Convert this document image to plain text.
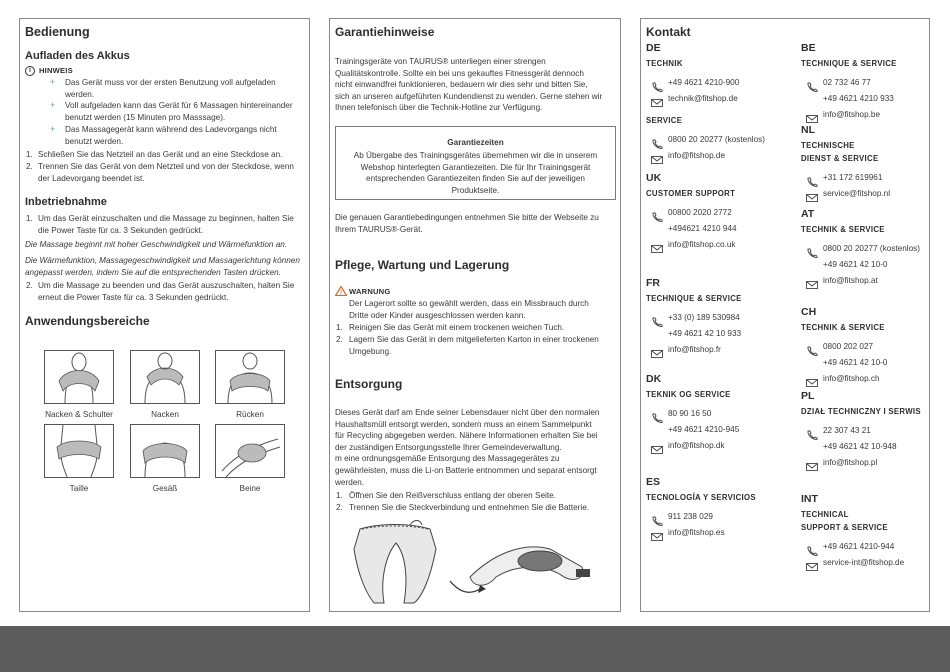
Bedienung
Aufladen des Akkus
i	HINWEIS
+ Das Gerät muss vor der ersten Benutzung voll aufgeladen
werden.
+ Voll aufgeladen kann das Gerät für 6 Massagen hintereinander
benutzt werden (15 Minuten pro Masssage).
+ Das Massagegerät kann während des Ladevorgangs nicht
benutzt werden.
1. Schließen Sie das Netzteil an das Gerät und an eine Steckdose an.
2. Trennen Sie das Gerät von dem Netzteil und von der Steckdose, wenn
der Ladevorgang beendet ist.
Inbetriebnahme
1. Um das Gerät einzuschalten und die Massage zu beginnen, halten Sie
die Power Taste für ca. 3 Sekunden gedrückt.
Die Massage beginnt mit hoher Geschwindigkeit und Wärmefunktion an.
Die Wärmefunktion, Massagegeschwindigkeit und Massagerichtung können
angepasst werden, indem Sie auf die entsprechenden Tasten drücken.
2. Um die Massage zu beenden und das Gerät auszuschalten, halten Sie
erneut die Power Taste für ca. 3 Sekunden gedrückt.
Anwendungsbereiche
Nacken & Schulter	Nacken	Rücken
Taille	Gesäß	Beine
Garantiehinweise
Trainingsgeräte von TAURUS® unterliegen einer strengen
Qualitätskontrolle. Sollte ein bei uns gekauftes Fitnessgerät dennoch
nicht einwandfrei funktionieren, bedauern wir dies sehr und bitten Sie,
sich an unseren aufgeführten Kundendienst zu wenden. Gerne stehen wir
Ihnen telefonisch über die Technik-Hotline zur Verfügung.
Garantiezeiten
Ab Übergabe des Trainingsgerätes übernehmen wir die in unserem
Webshop hinterlegten Garantiezeiten. Die für Ihr Trainingsgerät
entsprechenden Garantiezeiten finden Sie auf der jeweiligen
Produktseite.
Die genauen Garantiebedingungen entnehmen Sie bitte der Webseite zu
Ihrem TAURUS®-Gerät.
Pflege, Wartung und Lagerung
! WARNUNG
Der Lagerort sollte so gewählt werden, dass ein Missbrauch durch
Dritte oder Kinder ausgeschlossen werden kann.
1. Reinigen Sie das Gerät mit einem trockenen weichen Tuch.
2. Lagern Sie das Gerät in dem mitgelieferten Karton in einer trockenen
Umgebung.
Entsorgung
Dieses Gerät darf am Ende seiner Lebensdauer nicht über den normalen
Haushaltsmüll entsorgt werden, sondern muss an einem Sammelpunkt
für Recycling abgegeben werden. Nähere Informationen erhalten Sie bei
der zuständigen Entsorgungsstelle Ihrer Gemeindeverwaltung.
m eine ordnungsgemäße Entsorgung des Massagegerätes zu
gewährleisten, muss die Li-on Batterie entnommen und separat entsorgt
werden.
1. Öffnen Sie den Reißverschluss entlang der oberen Seite.
2. Trennen Sie die Steckverbindung und entnehmen Sie die Batterie.
Kontakt
DE
TECHNIK
+49 4621 4210-900
technik@fitshop.de
SERVICE
0800 20 20277 (kostenlos)
info@fitshop.de
UK
CUSTOMER SUPPORT
00800 2020 2772
+494621 4210 944
info@fitshop.co.uk
FR
TECHNIQUE & SERVICE
+33 (0) 189 530984
+49 4621 42 10 933
info@fitshop.fr
DK
TEKNIK OG SERVICE
80 90 16 50
+49 4621 4210-945
info@fitshop.dk
ES
TECNOLOGÍA Y SERVICIOS
911 238 029
info@fitshop.es
BE
TECHNIQUE & SERVICE
02 732 46 77
+49 4621 4210 933
info@fitshop.be
NL
TECHNISCHE
DIENST & SERVICE
+31 172 619961
service@fitshop.nl
AT
TECHNIK & SERVICE
0800 20 20277 (kostenlos)
+49 4621 42 10-0
info@fitshop.at
CH
TECHNIK & SERVICE
0800 202 027
+49 4621 42 10-0
info@fitshop.ch
PL
DZIAŁ TECHNICZNY I SERWIS
22 307 43 21
+49 4621 42 10-948
info@fitshop.pl
INT
TECHNICAL
SUPPORT & SERVICE
+49 4621 4210-944
service-int@fitshop.de
